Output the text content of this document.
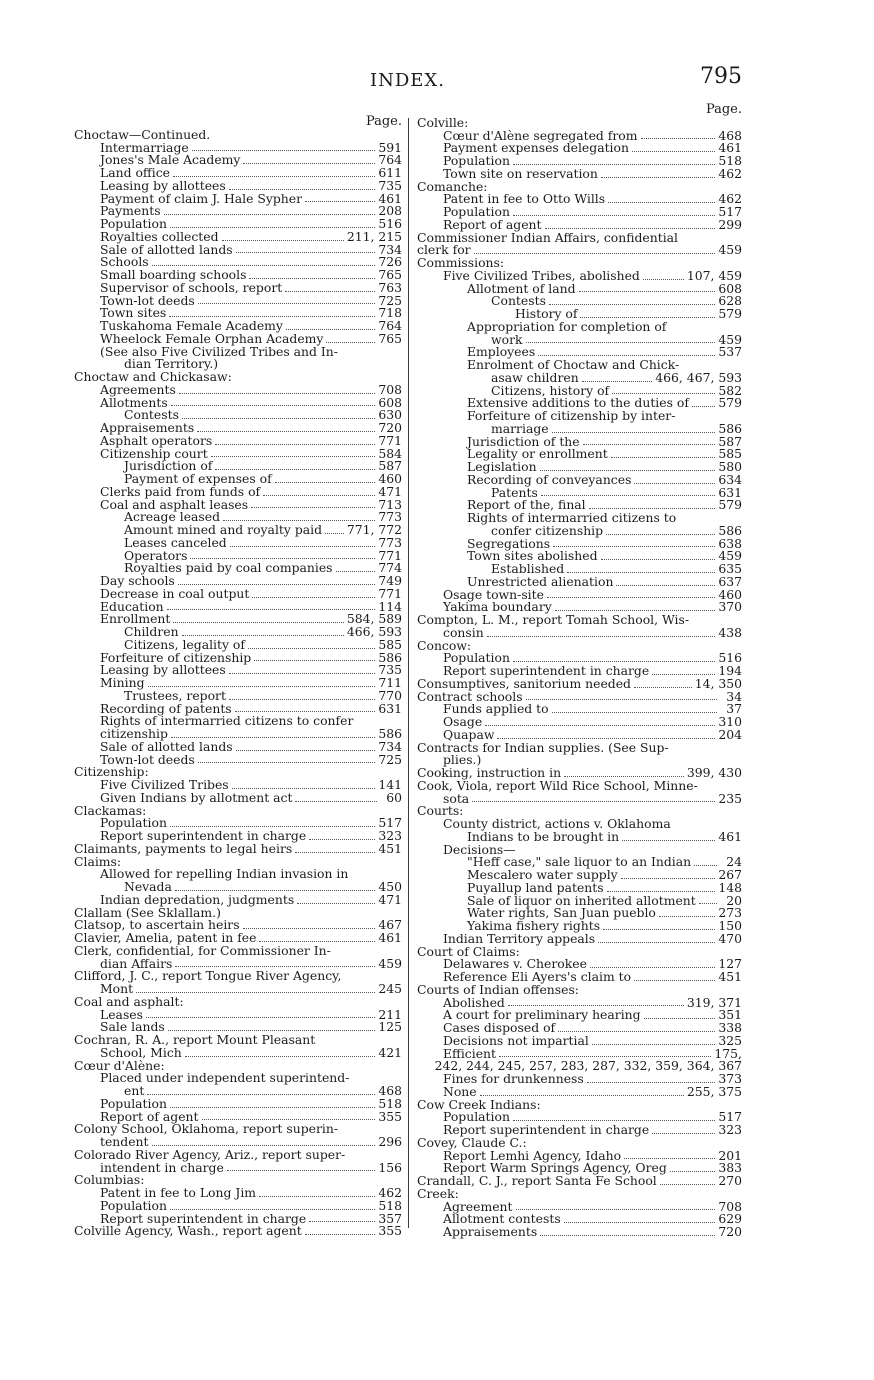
INDEX.	795
Page.
Choctaw—Continued.
Intermarriage	591
Jones's Male Academy	764
Land office	611
Leasing by allottees	735
Payment of claim J. Hale Sypher	461
Payments	208
Population	516
Royalties collected	211, 215
Sale of allotted lands	734
Schools	726
Small boarding schools	765
Supervisor of schools, report	763
Town-lot deeds	725
Town sites	718
Tuskahoma Female Academy	764
Wheelock Female Orphan Academy	765
(See also Five Civilized Tribes and In-
dian Territory.)
Choctaw and Chickasaw:
Agreements	708
Allotments	608
Contests	630
Appraisements	720
Asphalt operators	771
Citizenship court	584
Jurisdiction of	587
Payment of expenses of	460
Clerks paid from funds of	471
Coal and asphalt leases	713
Acreage leased	773
Amount mined and royalty paid 771, 772
Leases canceled	773
Operators	771
Royalties paid by coal companies	774
Day schools	749
Decrease in coal output	771
Education	114
Enrollment	584, 589
Children	466, 593
Citizens, legality of	585
Forfeiture of citizenship	586
Leasing by allottees	735
Mining	711
Trustees, report	770
Recording of patents	631
Rights of intermarried citizens to confer
citizenship	586
Sale of allotted lands	734
Town-lot deeds	725
Citizenship:
Five Civilized Tribes	141
Given Indians by allotment act	60
Clackamas:
Population	517
Report superintendent in charge	323
Claimants, payments to legal heirs	451
Claims:
Allowed for repelling Indian invasion in
Nevada	450
Indian depredation, judgments	471
Clallam (See Sklallam.)
Clatsop, to ascertain heirs	467
Clavier, Amelia, patent in fee	461
Clerk, confidential, for Commissioner In-
dian Affairs	459
Clifford, J. C., report Tongue River Agency,
Mont	245
Coal and asphalt:
Leases	211
Sale lands	125
Cochran, R. A., report Mount Pleasant
School, Mich	421
Cœur d'Alène:
Placed under independent superintend-
ent	468
Population	518
Report of agent	355
Colony School, Oklahoma, report superin-
tendent	296
Colorado River Agency, Ariz., report super-
intendent in charge	156
Columbias:
Patent in fee to Long Jim	462
Population	518
Report superintendent in charge	357
Colville Agency, Wash., report agent	355
Page.
Colville:
Cœur d'Alène segregated from	468
Payment expenses delegation	461
Population	518
Town site on reservation	462
Comanche:
Patent in fee to Otto Wills	462
Population	517
Report of agent	299
Commissioner Indian Affairs, confidential
clerk for	459
Commissions:
Five Civilized Tribes, abolished	107, 459
Allotment of land	608
Contests	628
History of	579
Appropriation for completion of
work	459
Employees	537
Enrolment of Choctaw and Chick-
asaw children	466, 467, 593
Citizens, history of	582
Extensive additions to the duties of 579
Forfeiture of citizenship by inter-
marriage	586
Jurisdiction of the	587
Legality or enrollment	585
Legislation	580
Recording of conveyances	634
Patents	631
Report of the, final	579
Rights of intermarried citizens to
confer citizenship	586
Segregations	638
Town sites abolished	459
Established	635
Unrestricted alienation	637
Osage town-site	460
Yakima boundary	370
Compton, L. M., report Tomah School, Wis-
consin	438
Concow:
Population	516
Report superintendent in charge	194
Consumptives, sanitorium needed	14, 350
Contract schools	34
Funds applied to	37
Osage	310
Quapaw	204
Contracts for Indian supplies. (See Sup-
plies.)
Cooking, instruction in	399, 430
Cook, Viola, report Wild Rice School, Minne-
sota	235
Courts:
County district, actions v. Oklahoma
Indians to be brought in	461
Decisions—
"Heff case," sale liquor to an Indian	24
Mescalero water supply	267
Puyallup land patents	148
Sale of liquor on inherited allotment	20
Water rights, San Juan pueblo	273
Yakima fishery rights	150
Indian Territory appeals	470
Court of Claims:
Delawares v. Cherokee	127
Reference Eli Ayers's claim to	451
Courts of Indian offenses:
Abolished	319, 371
A court for preliminary hearing	351
Cases disposed of	338
Decisions not impartial	325
Efficient	175,
242, 244, 245, 257, 283, 287, 332, 359, 364, 367
Fines for drunkenness	373
None	255, 375
Cow Creek Indians:
Population	517
Report superintendent in charge	323
Covey, Claude C.:
Report Lemhi Agency, Idaho	201
Report Warm Springs Agency, Oreg	383
Crandall, C. J., report Santa Fe School	270
Creek:
Agreement	708
Allotment contests	629
Appraisements	720
